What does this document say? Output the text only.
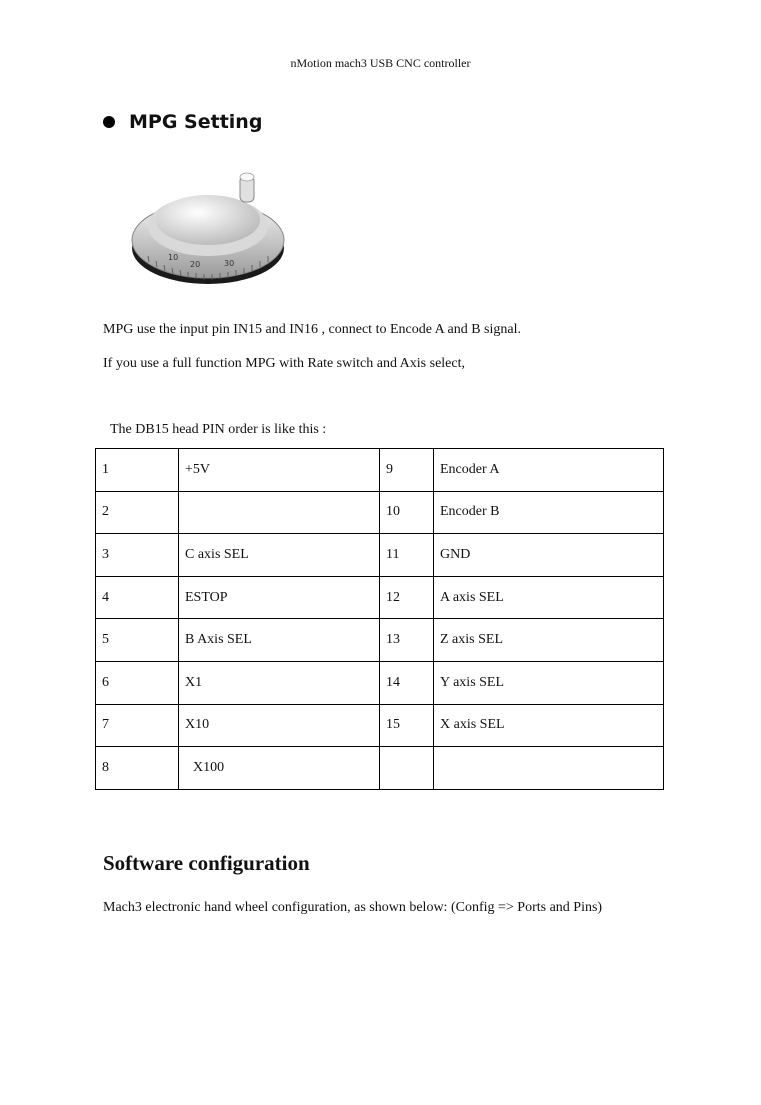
nMotion mach3 USB CNC controller
MPG Setting
10
20	30
MPG use the input pin IN15 and IN16 , connect to Encode A and B signal.
If you use a full function MPG with Rate switch and Axis select,
The DB15 head PIN order is like this :
1	+5V	9	Encoder A
2		10	Encoder B
3	C axis SEL	11	GND
4	ESTOP	12	A axis SEL
5	B Axis SEL	13	Z axis SEL
6	X1	14	Y axis SEL
7	X10	15	X axis SEL
8	X100		
Software configuration
Mach3 electronic hand wheel configuration, as shown below: (Config => Ports and Pins)
